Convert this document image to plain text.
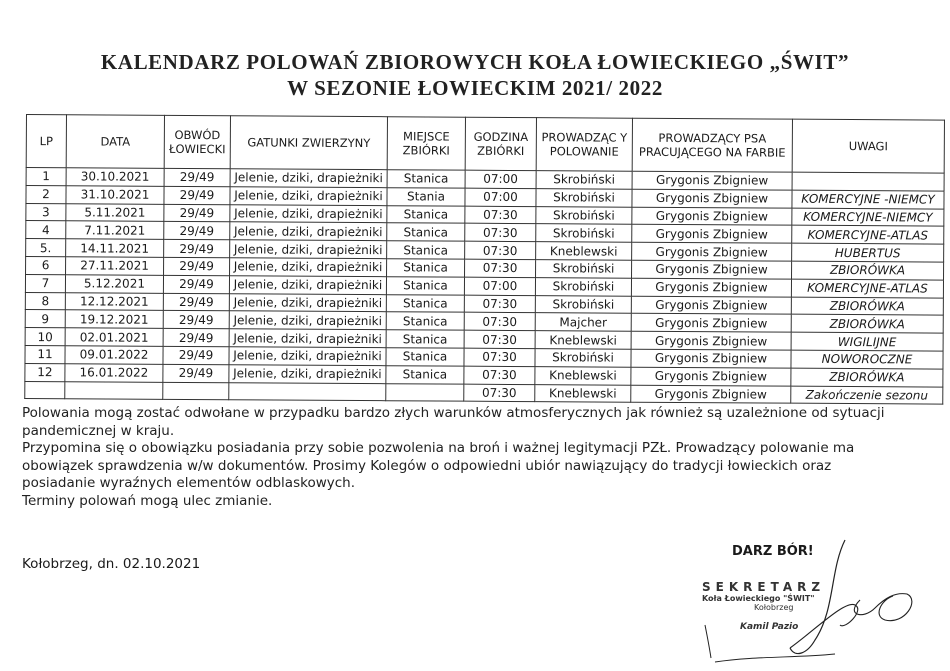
KALENDARZ POLOWAŃ ZBIOROWYCH KOŁA ŁOWIECKIEGO „ŚWIT”
W SEZONIE ŁOWIECKIM 2021/ 2022
LP	DATA	OBWÓD ŁOWIECKI	GATUNKI ZWIERZYNY	MIEJSCE ZBIÓRKI	GODZINA ZBIÓRKI	PROWADZĄC Y POLOWANIE	PROWADZĄCY PSA PRACUJĄCEGO NA FARBIE	UWAGI
1	30.10.2021	29/49	Jelenie, dziki, drapieżniki	Stanica	07:00	Skrobiński	Grygonis Zbigniew	
2	31.10.2021	29/49	Jelenie, dziki, drapieżniki	Stania	07:00	Skrobiński	Grygonis Zbigniew	KOMERCYJNE -NIEMCY
3	5.11.2021	29/49	Jelenie, dziki, drapieżniki	Stanica	07:30	Skrobiński	Grygonis Zbigniew	KOMERCYJNE-NIEMCY
4	7.11.2021	29/49	Jelenie, dziki, drapieżniki	Stanica	07:30	Skrobiński	Grygonis Zbigniew	KOMERCYJNE-ATLAS
5.	14.11.2021	29/49	Jelenie, dziki, drapieżniki	Stanica	07:30	Kneblewski	Grygonis Zbigniew	HUBERTUS
6	27.11.2021	29/49	Jelenie, dziki, drapieżniki	Stanica	07:30	Skrobiński	Grygonis Zbigniew	ZBIORÓWKA
7	5.12.2021	29/49	Jelenie, dziki, drapieżniki	Stanica	07:00	Skrobiński	Grygonis Zbigniew	KOMERCYJNE-ATLAS
8	12.12.2021	29/49	Jelenie, dziki, drapieżniki	Stanica	07:30	Skrobiński	Grygonis Zbigniew	ZBIORÓWKA
9	19.12.2021	29/49	Jelenie, dziki, drapieżniki	Stanica	07:30	Majcher	Grygonis Zbigniew	ZBIORÓWKA
10	02.01.2021	29/49	Jelenie, dziki, drapieżniki	Stanica	07:30	Kneblewski	Grygonis Zbigniew	WIGILIJNE
11	09.01.2022	29/49	Jelenie, dziki, drapieżniki	Stanica	07:30	Skrobiński	Grygonis Zbigniew	NOWOROCZNE
12	16.01.2022	29/49	Jelenie, dziki, drapieżniki	Stanica	07:30	Kneblewski	Grygonis Zbigniew	ZBIORÓWKA
					07:30	Kneblewski	Grygonis Zbigniew	Zakończenie sezonu

Polowania mogą zostać odwołane w przypadku bardzo złych warunków atmosferycznych jak również są uzależnione od sytuacji pandemicznej w kraju.

Przypomina się o obowiązku posiadania przy sobie pozwolenia na broń i ważnej legitymacji PZŁ. Prowadzący polowanie ma obowiązek sprawdzenia w/w dokumentów. Prosimy Kolegów o odpowiedni ubiór nawiązujący do tradycji łowieckich oraz posiadanie wyraźnych elementów odblaskowych.

Terminy polowań mogą ulec zmianie.

Kołobrzeg, dn. 02.10.2021
DARZ BÓR!
SEKRETARZ
Koła Łowieckiego "ŚWIT"
Kołobrzeg
Kamil Pazio
